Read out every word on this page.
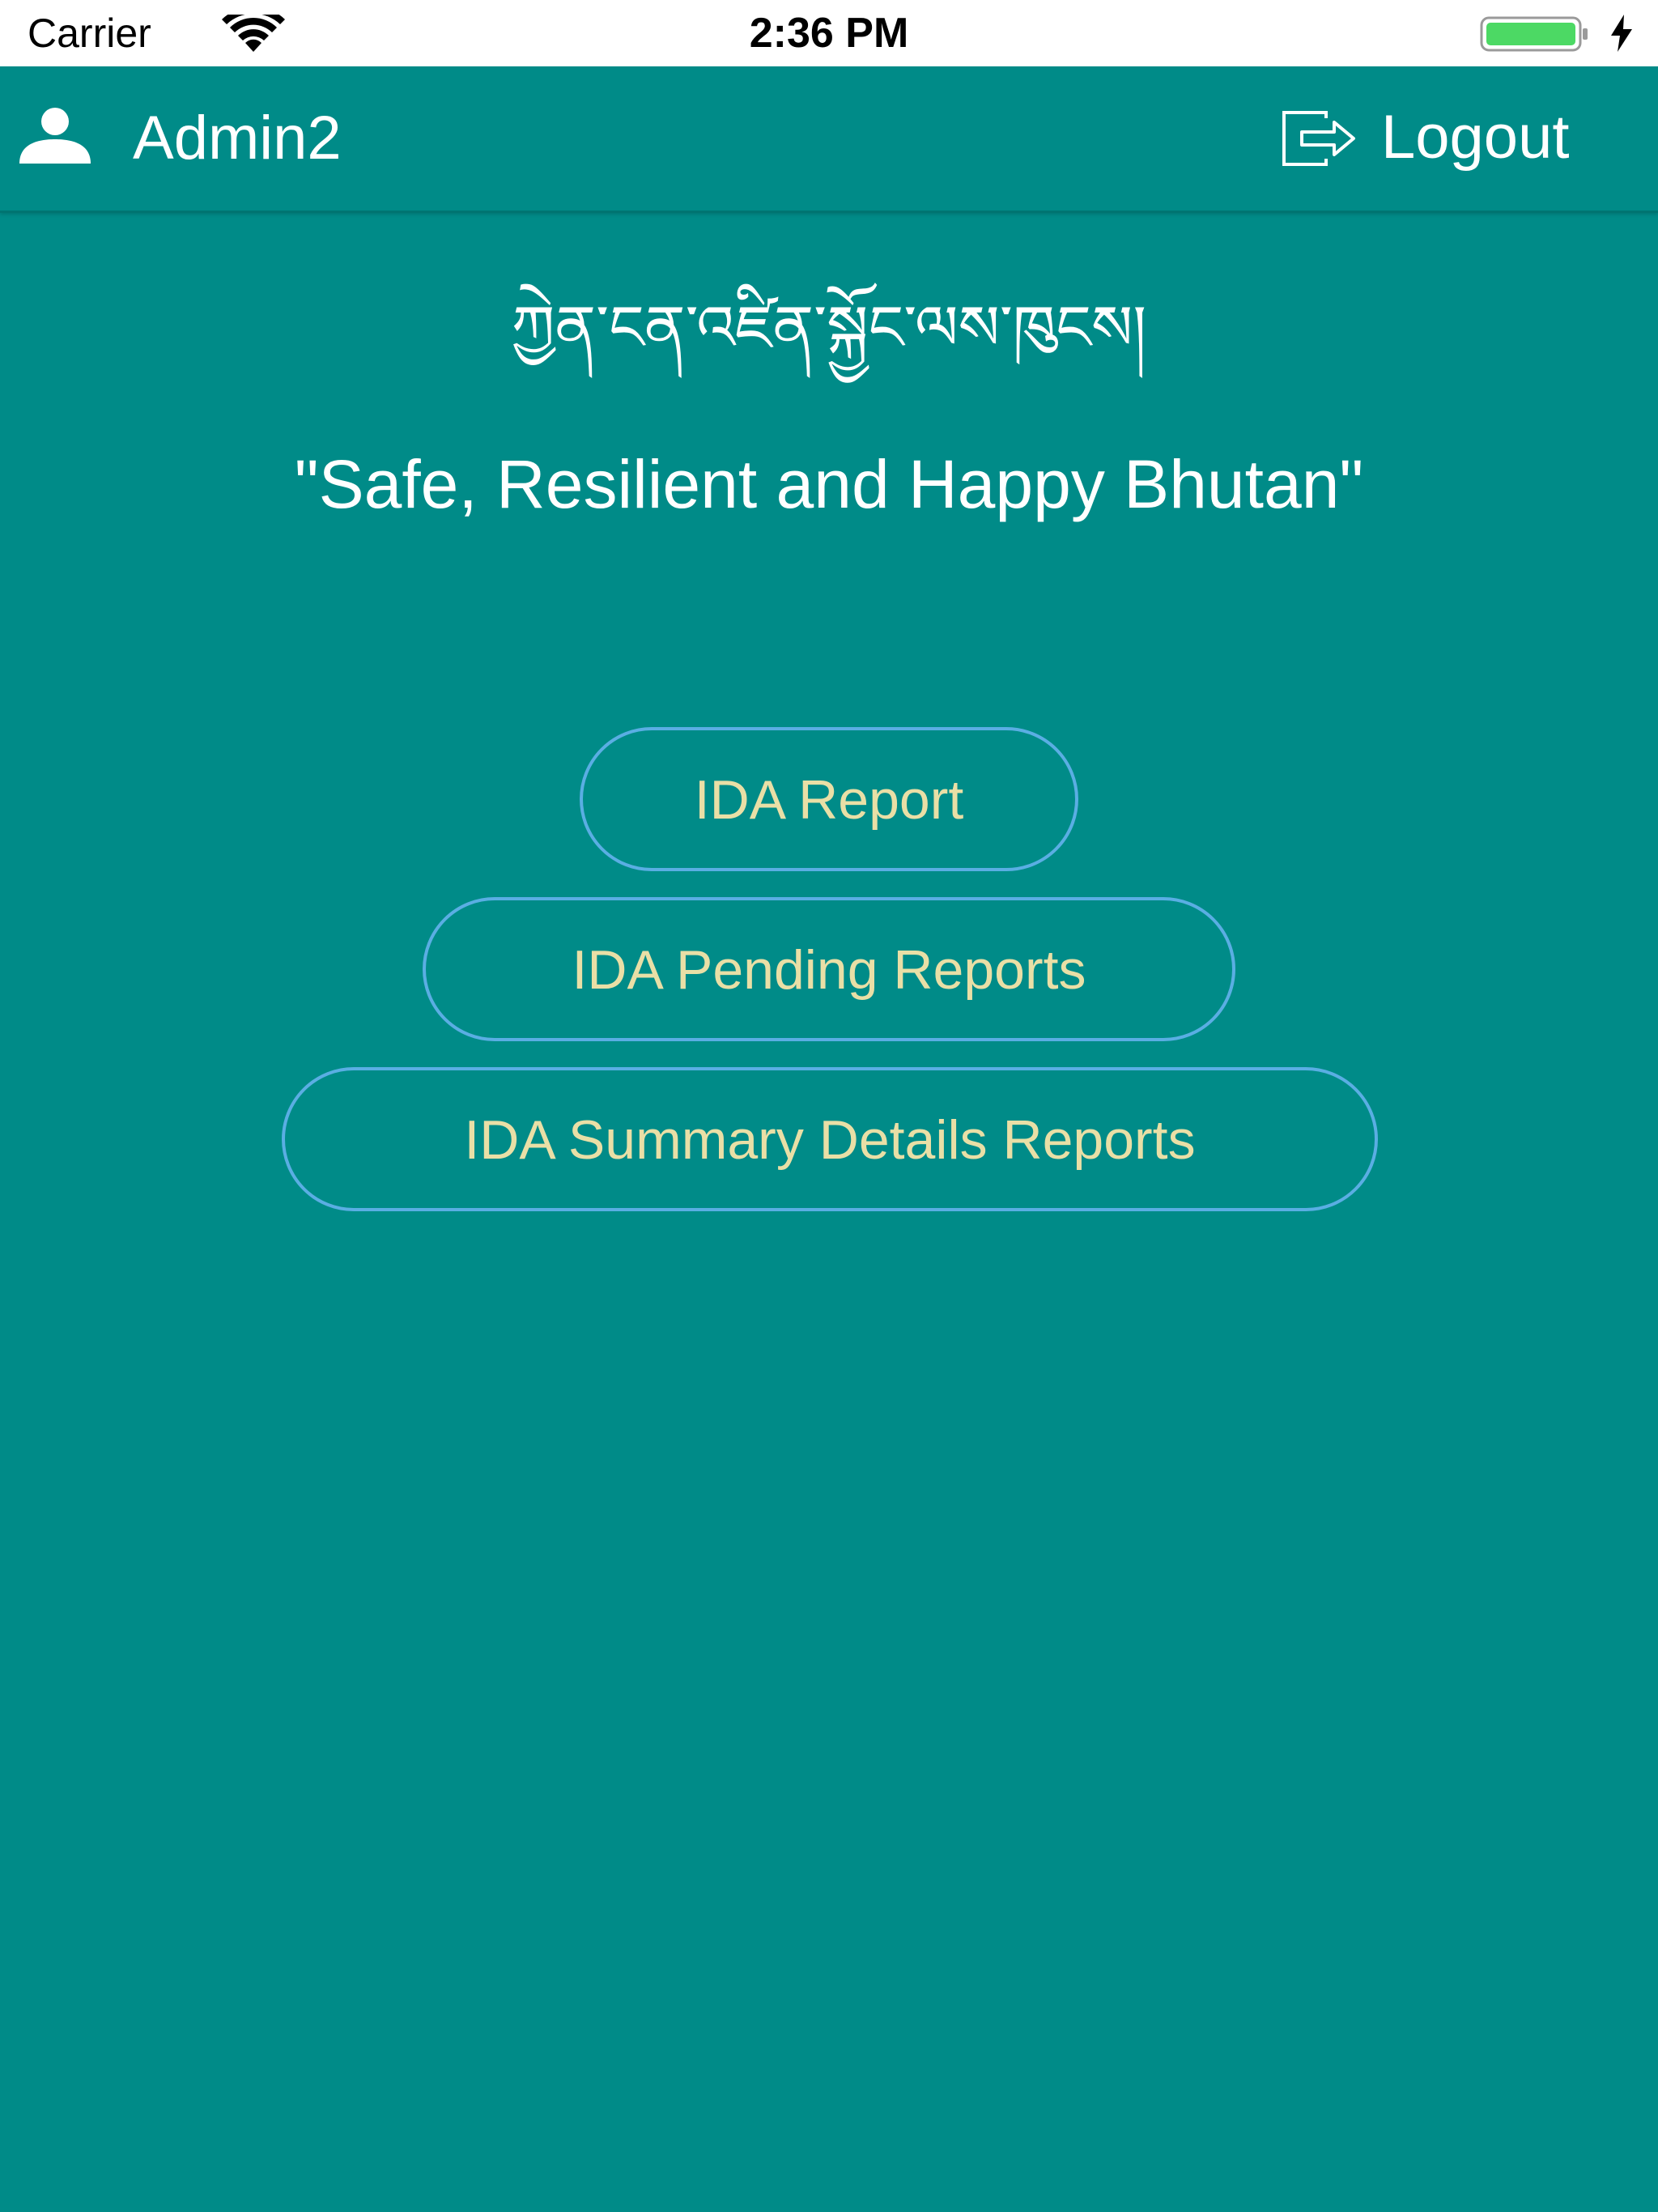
Carrier	2:36 PM
Admin2	Logout
ཀྱེན་ངན་འཛིན་སྐྱོང་ལས་ཁུངས།
"Safe, Resilient and Happy Bhutan"
IDA Report
IDA Pending Reports
IDA Summary Details Reports
